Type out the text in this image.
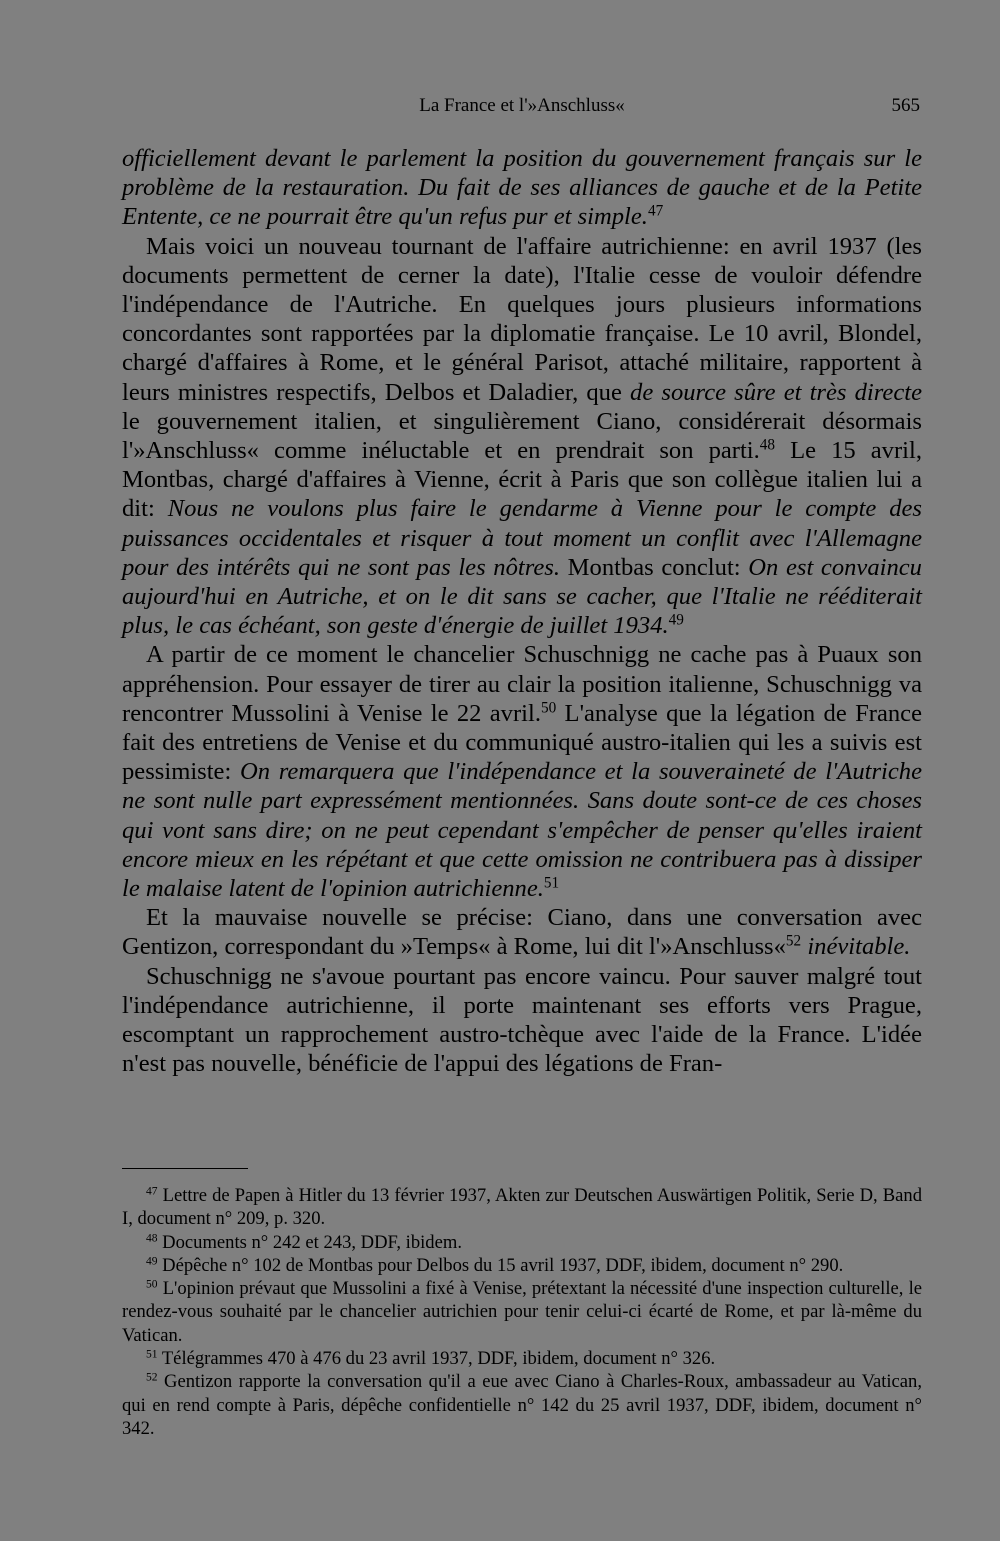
La France et l'»Anschluss«	565

officiellement devant le parlement la position du gouvernement français sur le problème de la restauration. Du fait de ses alliances de gauche et de la Petite Entente, ce ne pourrait être qu'un refus pur et simple.$^{47}$

Mais voici un nouveau tournant de l'affaire autrichienne: en avril 1937 (les documents permettent de cerner la date), l'Italie cesse de vouloir défendre l'indépendance de l'Autriche. En quelques jours plusieurs informations concordantes sont rapportées par la diplomatie française. Le 10 avril, Blondel, chargé d'affaires à Rome, et le général Parisot, attaché militaire, rapportent à leurs ministres respectifs, Delbos et Daladier, que de source sûre et très directe le gouvernement italien, et singulièrement Ciano, considérerait désormais l'»Anschluss« comme inéluctable et en prendrait son parti.$^{48}$ Le 15 avril, Montbas, chargé d'affaires à Vienne, écrit à Paris que son collègue italien lui a dit: Nous ne voulons plus faire le gendarme à Vienne pour le compte des puissances occidentales et risquer à tout moment un conflit avec l'Allemagne pour des intérêts qui ne sont pas les nôtres. Montbas conclut: On est convaincu aujourd'hui en Autriche, et on le dit sans se cacher, que l'Italie ne rééditerait plus, le cas échéant, son geste d'énergie de juillet 1934.49

A partir de ce moment le chancelier Schuschnigg ne cache pas à Puaux son appréhension. Pour essayer de tirer au clair la position italienne, Schuschnigg va rencontrer Mussolini à Venise le 22 avril.$^{50}$ L'analyse que la légation de France fait des entretiens de Venise et du communiqué austro-italien qui les a suivis est pessimiste: On remarquera que l'indépendance et la souveraineté de l'Autriche ne sont nulle part expressément mentionnées. Sans doute sont-ce de ces choses qui vont sans dire; on ne peut cependant s'empêcher de penser qu'elles iraient encore mieux en les répétant et que cette omission ne contribuera pas à dissiper le malaise latent de l'opinion autrichienne.$^{51}$

Et la mauvaise nouvelle se précise: Ciano, dans une conversation avec Gentizon, correspondant du »Temps« à Rome, lui dit l'»Anschluss«$^{52}$ inévitable.

Schuschnigg ne s'avoue pourtant pas encore vaincu. Pour sauver malgré tout l'indépendance autrichienne, il porte maintenant ses efforts vers Prague, escomptant un rapprochement austro-tchèque avec l'aide de la France. L'idée n'est pas nouvelle, bénéficie de l'appui des légations de Fran-

$^{47}$ Lettre de Papen à Hitler du 13 février 1937, Akten zur Deutschen Auswärtigen Politik, Serie D, Band I, document n° 209, p. 320.

$^{48}$ Documents n° 242 et 243, DDF, ibidem.

$^{49}$ Dépêche n° 102 de Montbas pour Delbos du 15 avril 1937, DDF, ibidem, document n° 290.

$^{50}$ L'opinion prévaut que Mussolini a fixé à Venise, prétextant la nécessité d'une inspection culturelle, le rendez-vous souhaité par le chancelier autrichien pour tenir celui-ci écarté de Rome, et par là-même du Vatican.

$^{51}$ Télégrammes 470 à 476 du 23 avril 1937, DDF, ibidem, document n° 326.

$^{52}$ Gentizon rapporte la conversation qu'il a eue avec Ciano à Charles-Roux, ambassadeur au Vatican, qui en rend compte à Paris, dépêche confidentielle n° 142 du 25 avril 1937, DDF, ibidem, document n° 342.
